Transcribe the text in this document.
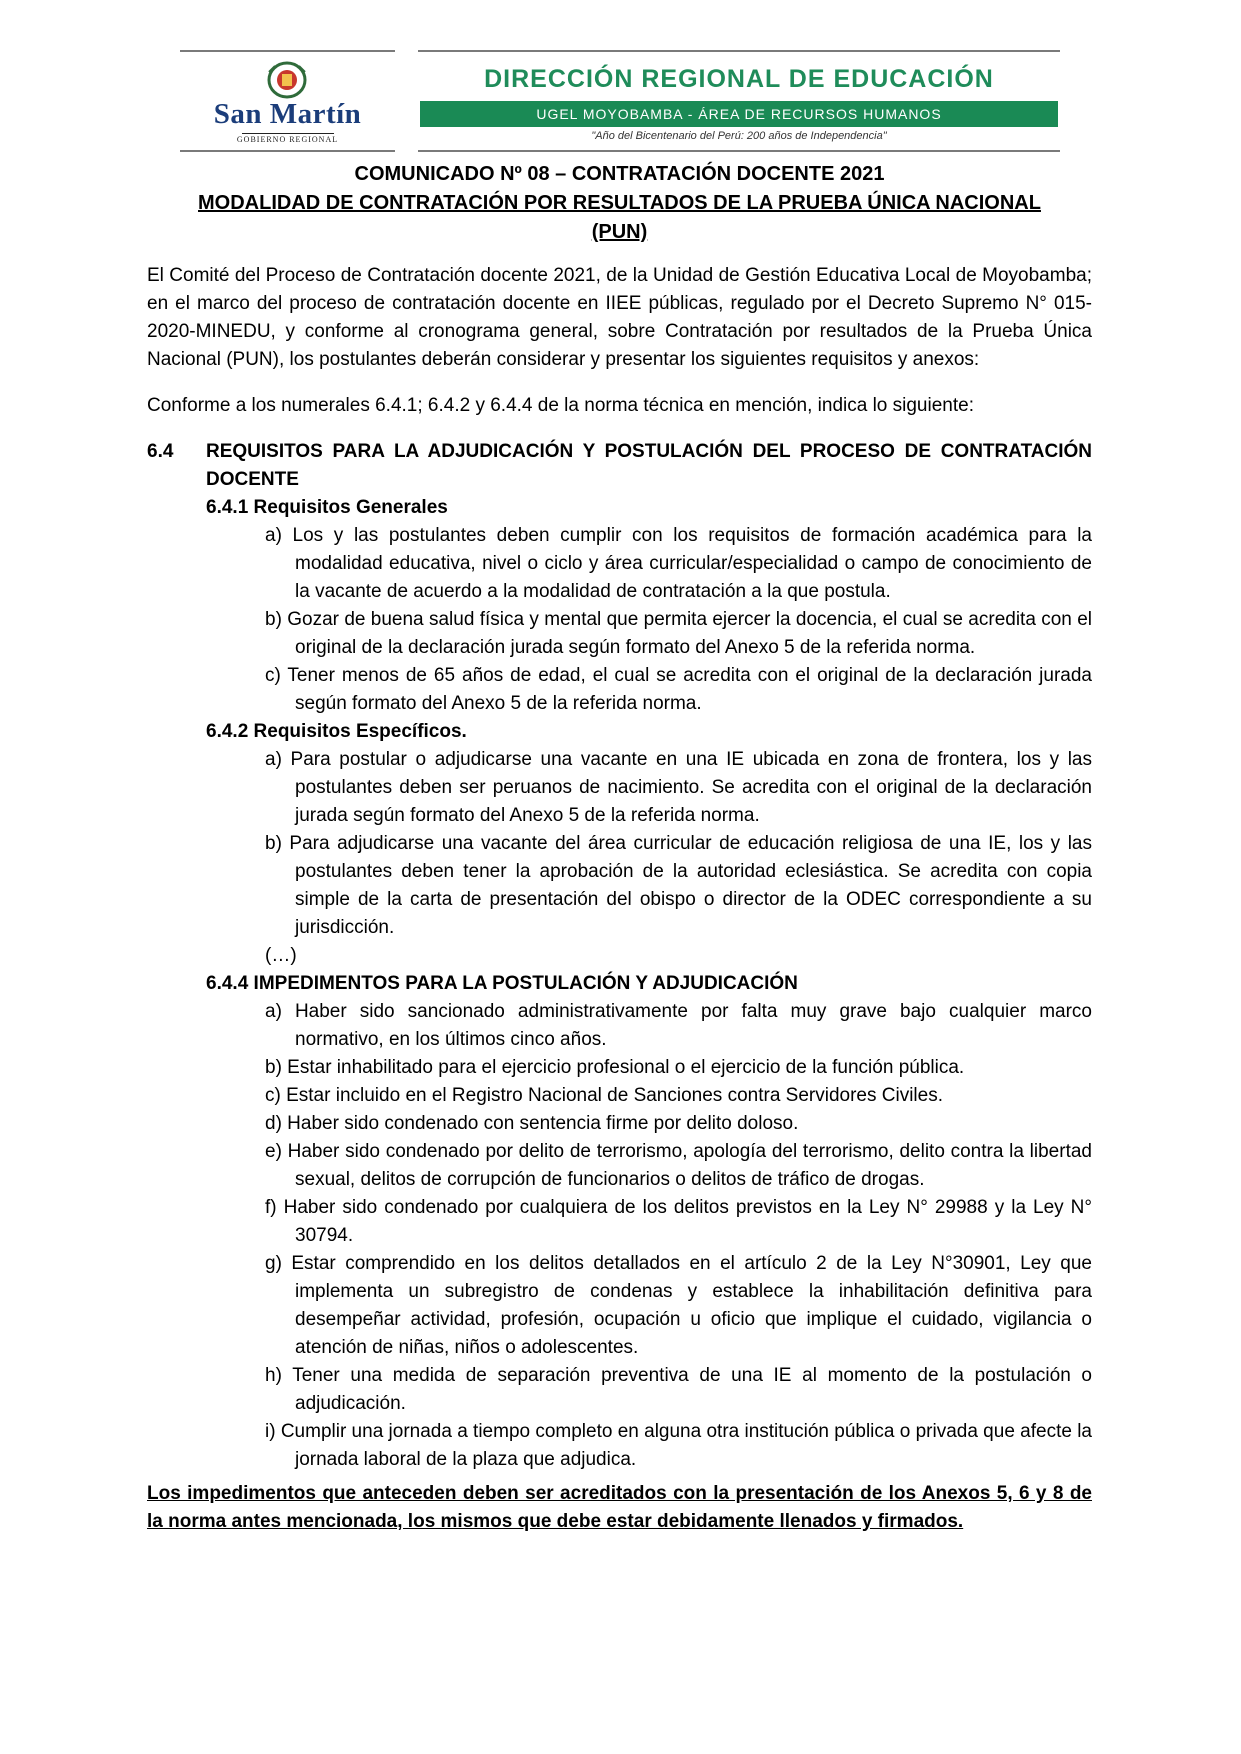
San Martín
GOBIERNO REGIONAL
DIRECCIÓN REGIONAL DE EDUCACIÓN
UGEL MOYOBAMBA - ÁREA DE RECURSOS HUMANOS
"Año del Bicentenario del Perú: 200 años de Independencia"
COMUNICADO Nº 08 – CONTRATACIÓN DOCENTE 2021
MODALIDAD DE CONTRATACIÓN POR RESULTADOS DE LA PRUEBA ÚNICA NACIONAL
(PUN)

El Comité del Proceso de Contratación docente 2021, de la Unidad de Gestión Educativa Local de Moyobamba; en el marco del proceso de contratación docente en IIEE públicas, regulado por el Decreto Supremo N° 015-2020-MINEDU, y conforme al cronograma general, sobre Contratación por resultados de la Prueba Única Nacional (PUN), los postulantes deberán considerar y presentar los siguientes requisitos y anexos:

Conforme a los numerales 6.4.1; 6.4.2 y 6.4.4 de la norma técnica en mención, indica lo siguiente:

6.4 REQUISITOS PARA LA ADJUDICACIÓN Y POSTULACIÓN DEL PROCESO DE CONTRATACIÓN DOCENTE
6.4.1 Requisitos Generales

a) Los y las postulantes deben cumplir con los requisitos de formación académica para la modalidad educativa, nivel o ciclo y área curricular/especialidad o campo de conocimiento de la vacante de acuerdo a la modalidad de contratación a la que postula.

b) Gozar de buena salud física y mental que permita ejercer la docencia, el cual se acredita con el original de la declaración jurada según formato del Anexo 5 de la referida norma.

c) Tener menos de 65 años de edad, el cual se acredita con el original de la declaración jurada según formato del Anexo 5 de la referida norma.

6.4.2 Requisitos Específicos.

a) Para postular o adjudicarse una vacante en una IE ubicada en zona de frontera, los y las postulantes deben ser peruanos de nacimiento. Se acredita con el original de la declaración jurada según formato del Anexo 5 de la referida norma.

b) Para adjudicarse una vacante del área curricular de educación religiosa de una IE, los y las postulantes deben tener la aprobación de la autoridad eclesiástica. Se acredita con copia simple de la carta de presentación del obispo o director de la ODEC correspondiente a su jurisdicción.

(…)

6.4.4 IMPEDIMENTOS PARA LA POSTULACIÓN Y ADJUDICACIÓN

a) Haber sido sancionado administrativamente por falta muy grave bajo cualquier marco normativo, en los últimos cinco años.

b) Estar inhabilitado para el ejercicio profesional o el ejercicio de la función pública.

c) Estar incluido en el Registro Nacional de Sanciones contra Servidores Civiles.

d) Haber sido condenado con sentencia firme por delito doloso.

e) Haber sido condenado por delito de terrorismo, apología del terrorismo, delito contra la libertad sexual, delitos de corrupción de funcionarios o delitos de tráfico de drogas.

f) Haber sido condenado por cualquiera de los delitos previstos en la Ley N° 29988 y la Ley N° 30794.

g) Estar comprendido en los delitos detallados en el artículo 2 de la Ley N°30901, Ley que implementa un subregistro de condenas y establece la inhabilitación definitiva para desempeñar actividad, profesión, ocupación u oficio que implique el cuidado, vigilancia o atención de niñas, niños o adolescentes.

h) Tener una medida de separación preventiva de una IE al momento de la postulación o adjudicación.

i) Cumplir una jornada a tiempo completo en alguna otra institución pública o privada que afecte la jornada laboral de la plaza que adjudica.

Los impedimentos que anteceden deben ser acreditados con la presentación de los Anexos 5, 6 y 8 de la norma antes mencionada, los mismos que debe estar debidamente llenados y firmados.
